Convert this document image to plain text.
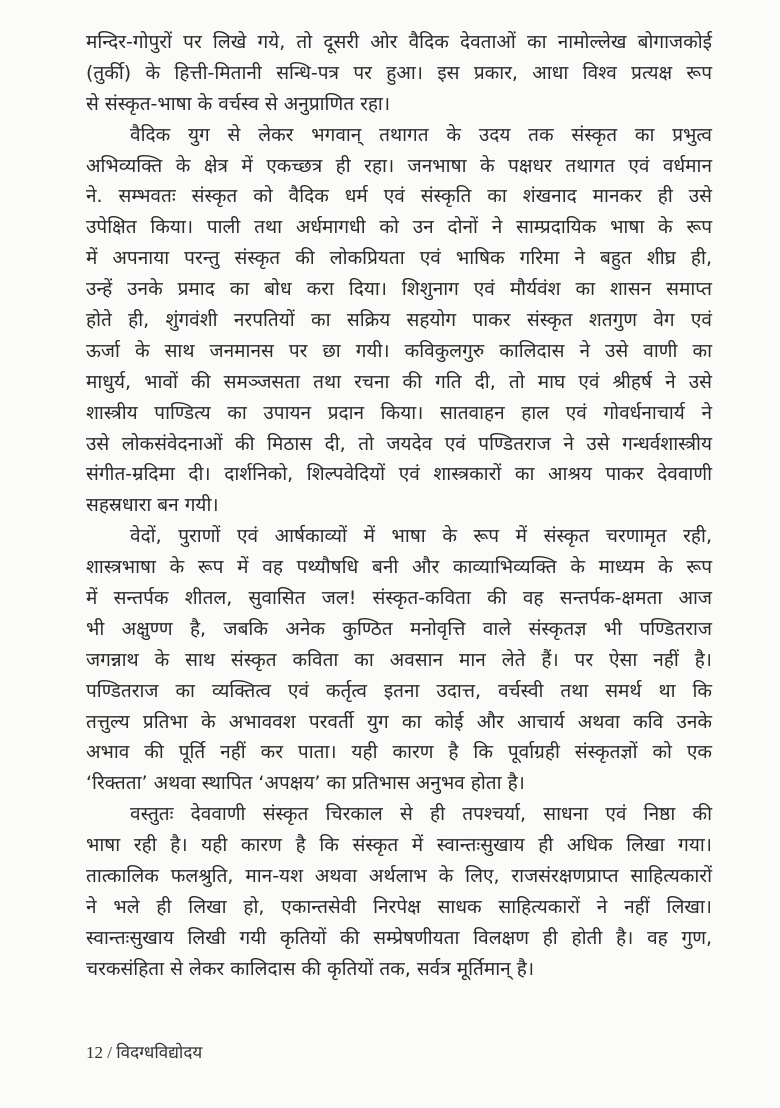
मन्दिर-गोपुरों पर लिखे गये, तो दूसरी ओर वैदिक देवताओं का नामोल्लेख बोगाजकोई
(तुर्की) के हित्ती-मितानी सन्धि-पत्र पर हुआ। इस प्रकार, आधा विश्व प्रत्यक्ष रूप
से संस्कृत-भाषा के वर्चस्व से अनुप्राणित रहा।
वैदिक युग से लेकर भगवान् तथागत के उदय तक संस्कृत का प्रभुत्व
अभिव्यक्ति के क्षेत्र में एकच्छत्र ही रहा। जनभाषा के पक्षधर तथागत एवं वर्धमान
ने. सम्भवतः संस्कृत को वैदिक धर्म एवं संस्कृति का शंखनाद मानकर ही उसे
उपेक्षित किया। पाली तथा अर्धमागधी को उन दोनों ने साम्प्रदायिक भाषा के रूप
में अपनाया परन्तु संस्कृत की लोकप्रियता एवं भाषिक गरिमा ने बहुत शीघ्र ही,
उन्हें उनके प्रमाद का बोध करा दिया। शिशुनाग एवं मौर्यवंश का शासन समाप्त
होते ही, शुंगवंशी नरपतियों का सक्रिय सहयोग पाकर संस्कृत शतगुण वेग एवं
ऊर्जा के साथ जनमानस पर छा गयी। कविकुलगुरु कालिदास ने उसे वाणी का
माधुर्य, भावों की समञ्जसता तथा रचना की गति दी, तो माघ एवं श्रीहर्ष ने उसे
शास्त्रीय पाण्डित्य का उपायन प्रदान किया। सातवाहन हाल एवं गोवर्धनाचार्य ने
उसे लोकसंवेदनाओं की मिठास दी, तो जयदेव एवं पण्डितराज ने उसे गन्धर्वशास्त्रीय
संगीत-म्रदिमा दी। दार्शनिको, शिल्पवेदियों एवं शास्त्रकारों का आश्रय पाकर देववाणी
सहस्रधारा बन गयी।
वेदों, पुराणों एवं आर्षकाव्यों में भाषा के रूप में संस्कृत चरणामृत रही,
शास्त्रभाषा के रूप में वह पथ्यौषधि बनी और काव्याभिव्यक्ति के माध्यम के रूप
में सन्तर्पक शीतल, सुवासित जल! संस्कृत-कविता की वह सन्तर्पक-क्षमता आज
भी अक्षुण्ण है, जबकि अनेक कुण्ठित मनोवृत्ति वाले संस्कृतज्ञ भी पण्डितराज
जगन्नाथ के साथ संस्कृत कविता का अवसान मान लेते हैं। पर ऐसा नहीं है।
पण्डितराज का व्यक्तित्व एवं कर्तृत्व इतना उदात्त, वर्चस्वी तथा समर्थ था कि
तत्तुल्य प्रतिभा के अभाववश परवर्ती युग का कोई और आचार्य अथवा कवि उनके
अभाव की पूर्ति नहीं कर पाता। यही कारण है कि पूर्वाग्रही संस्कृतज्ञों को एक
‘रिक्तता’ अथवा स्थापित ‘अपक्षय’ का प्रतिभास अनुभव होता है।
वस्तुतः देववाणी संस्कृत चिरकाल से ही तपश्चर्या, साधना एवं निष्ठा की
भाषा रही है। यही कारण है कि संस्कृत में स्वान्तःसुखाय ही अधिक लिखा गया।
तात्कालिक फलश्रुति, मान-यश अथवा अर्थलाभ के लिए, राजसंरक्षणप्राप्त साहित्यकारों
ने भले ही लिखा हो, एकान्तसेवी निरपेक्ष साधक साहित्यकारों ने नहीं लिखा।
स्वान्तःसुखाय लिखी गयी कृतियों की सम्प्रेषणीयता विलक्षण ही होती है। वह गुण,
चरकसंहिता से लेकर कालिदास की कृतियों तक, सर्वत्र मूर्तिमान् है।
12 / विदग्धविद्योदय
